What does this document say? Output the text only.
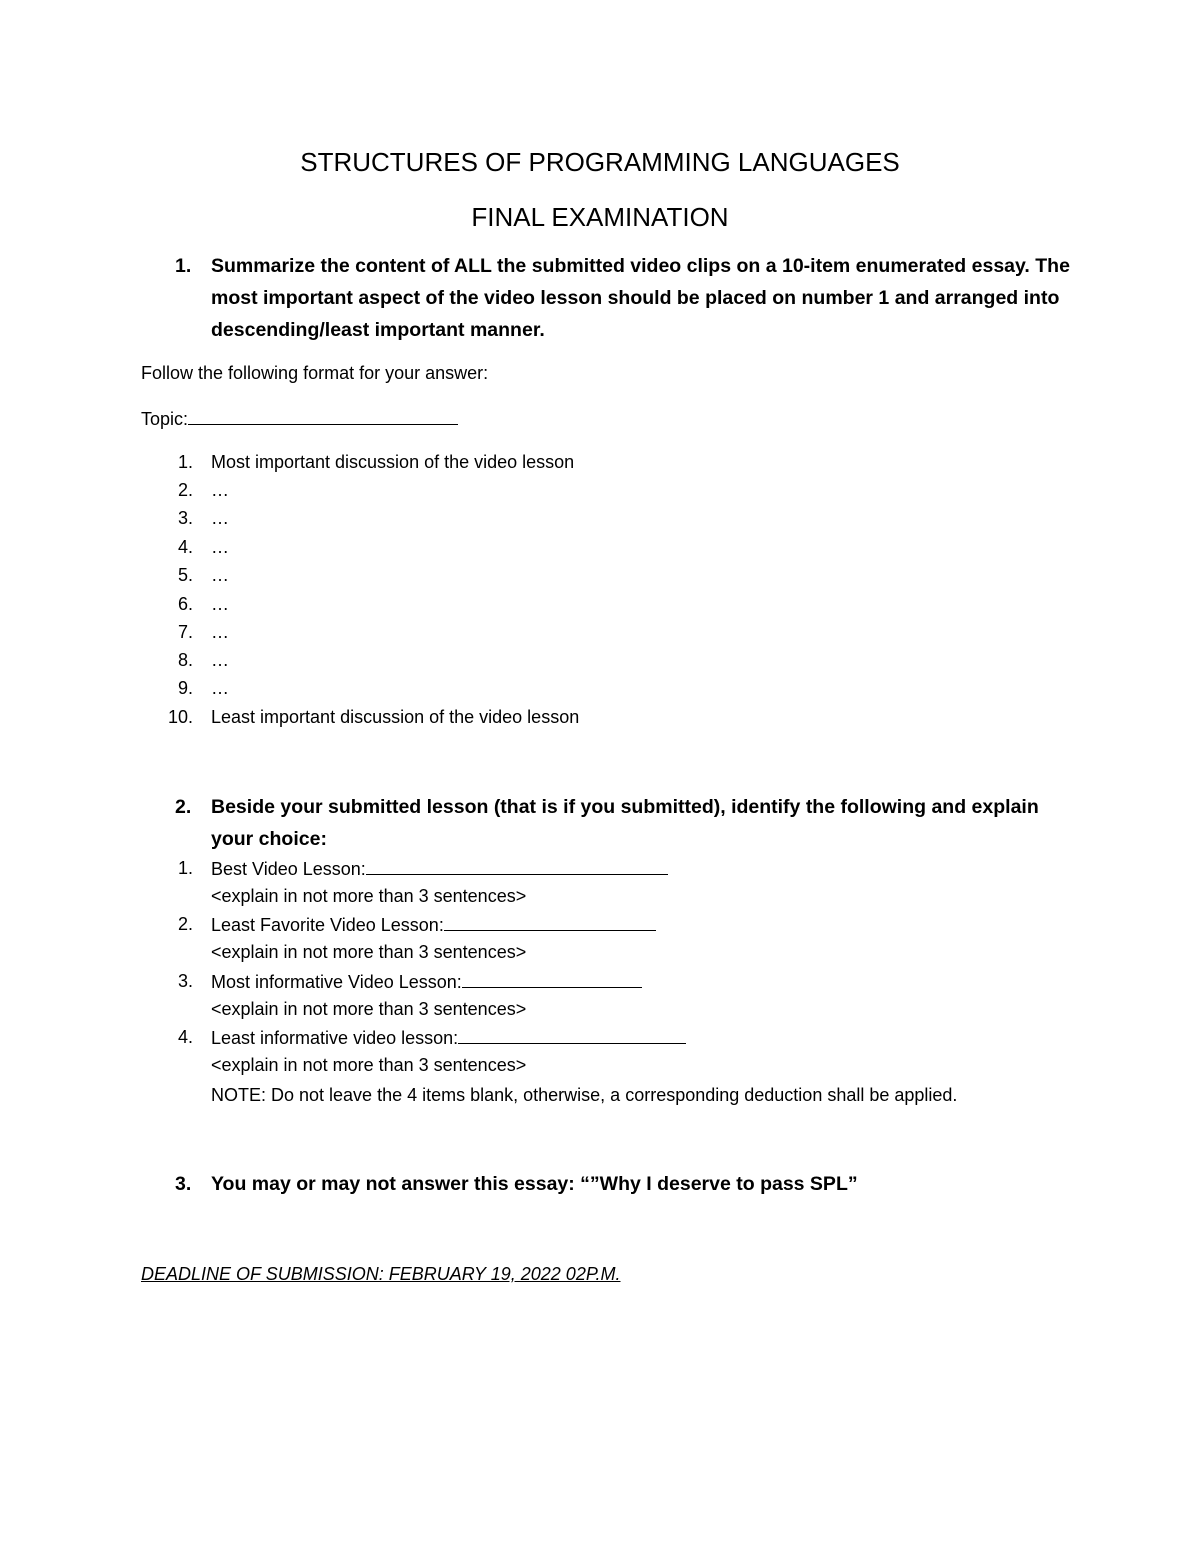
STRUCTURES OF PROGRAMMING LANGUAGES
FINAL EXAMINATION
1. Summarize the content of ALL the submitted video clips on a 10-item enumerated essay. The most important aspect of the video lesson should be placed on number 1 and arranged into descending/least important manner.
Follow the following format for your answer:
Topic:
1. Most important discussion of the video lesson
2. …
3. …
4. …
5. …
6. …
7. …
8. …
9. …
10. Least important discussion of the video lesson
2. Beside your submitted lesson (that is if you submitted), identify the following and explain your choice:
1. Best Video Lesson:
<explain in not more than 3 sentences>
2. Least Favorite Video Lesson:
<explain in not more than 3 sentences>
3. Most informative Video Lesson:
<explain in not more than 3 sentences>
4. Least informative video lesson:
<explain in not more than 3 sentences>
NOTE: Do not leave the 4 items blank, otherwise, a corresponding deduction shall be applied.
3. You may or may not answer this essay: “”Why I deserve to pass SPL”
DEADLINE OF SUBMISSION: FEBRUARY 19, 2022 02P.M.
